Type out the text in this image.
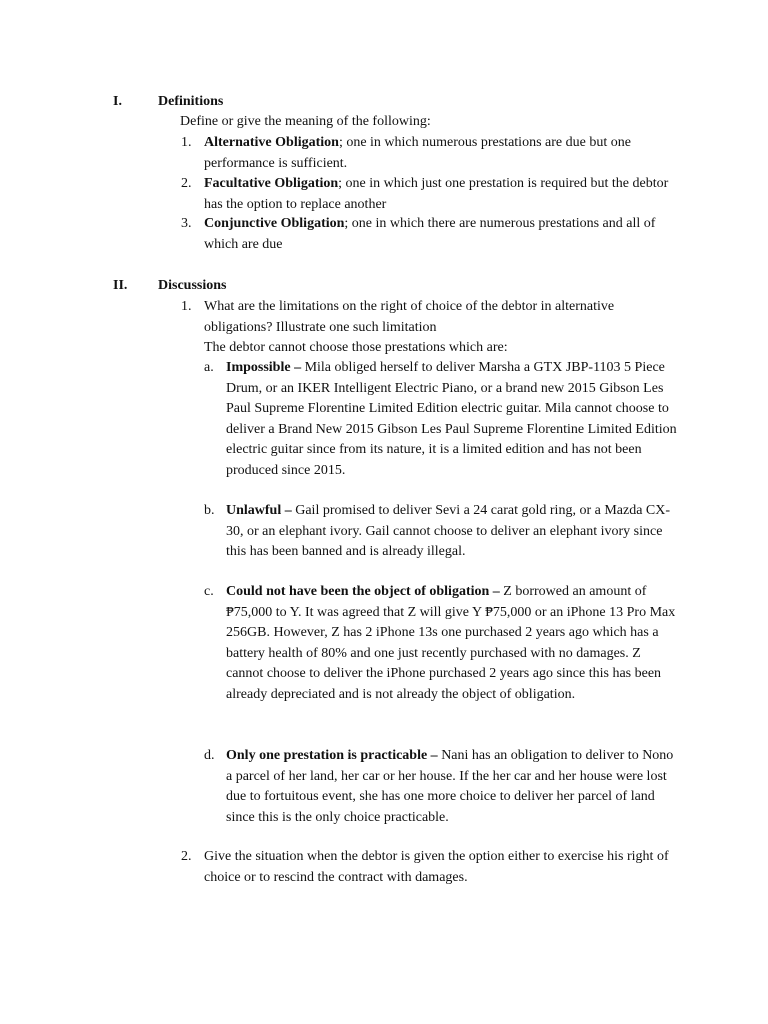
I.	Definitions
Define or give the meaning of the following:
1. Alternative Obligation; one in which numerous prestations are due but one performance is sufficient.
2. Facultative Obligation; one in which just one prestation is required but the debtor has the option to replace another
3. Conjunctive Obligation; one in which there are numerous prestations and all of which are due
II. Discussions
1. What are the limitations on the right of choice of the debtor in alternative obligations? Illustrate one such limitation
The debtor cannot choose those prestations which are:
a. Impossible – Mila obliged herself to deliver Marsha a GTX JBP-1103 5 Piece Drum, or an IKER Intelligent Electric Piano, or a brand new 2015 Gibson Les Paul Supreme Florentine Limited Edition electric guitar. Mila cannot choose to deliver a Brand New 2015 Gibson Les Paul Supreme Florentine Limited Edition electric guitar since from its nature, it is a limited edition and has not been produced since 2015.
b. Unlawful – Gail promised to deliver Sevi a 24 carat gold ring, or a Mazda CX-30, or an elephant ivory. Gail cannot choose to deliver an elephant ivory since this has been banned and is already illegal.
c. Could not have been the object of obligation – Z borrowed an amount of ₱75,000 to Y. It was agreed that Z will give Y ₱75,000 or an iPhone 13 Pro Max 256GB. However, Z has 2 iPhone 13s one purchased 2 years ago which has a battery health of 80% and one just recently purchased with no damages. Z cannot choose to deliver the iPhone purchased 2 years ago since this has been already depreciated and is not already the object of obligation.
d. Only one prestation is practicable – Nani has an obligation to deliver to Nono a parcel of her land, her car or her house. If the her car and her house were lost due to fortuitous event, she has one more choice to deliver her parcel of land since this is the only choice practicable.
2. Give the situation when the debtor is given the option either to exercise his right of choice or to rescind the contract with damages.
